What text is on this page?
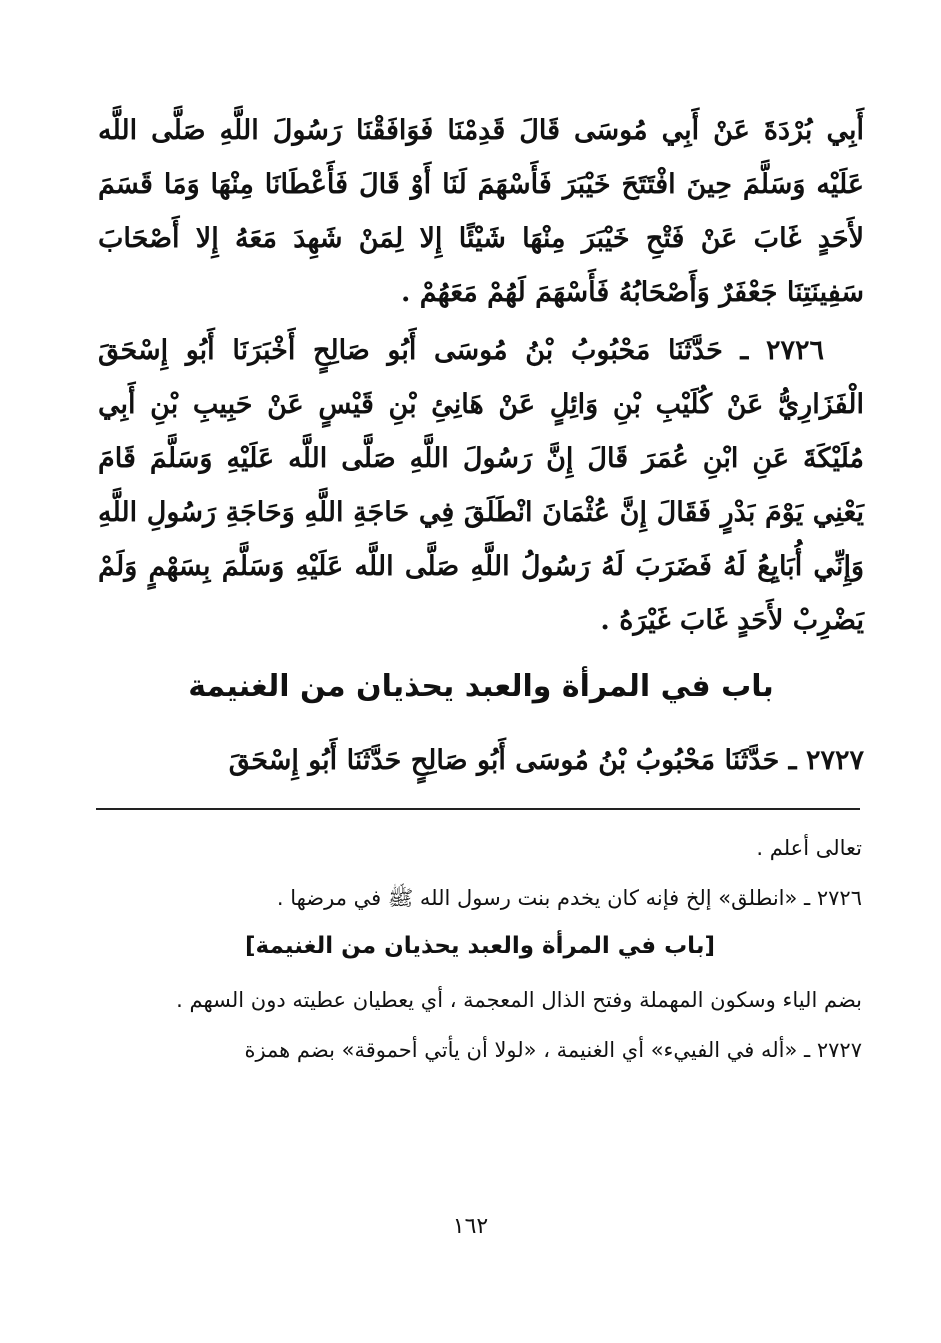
أَبِي بُرْدَةَ عَنْ أَبِي مُوسَى قَالَ قَدِمْنَا فَوَافَقْنَا رَسُولَ اللَّهِ صَلَّى اللَّه عَلَيْه وَسَلَّمَ حِينَ افْتَتَحَ خَيْبَرَ فَأَسْهَمَ لَنَا أَوْ قَالَ فَأَعْطَانَا مِنْهَا وَمَا قَسَمَ لأَحَدٍ غَابَ عَنْ فَتْحِ خَيْبَرَ مِنْهَا شَيْئًا إِلا لِمَنْ شَهِدَ مَعَهُ إِلا أَصْحَابَ سَفِينَتِنَا جَعْفَرٌ وَأَصْحَابُهُ فَأَسْهَمَ لَهُمْ مَعَهُمْ .

٢٧٢٦ ـ حَدَّثَنَا مَحْبُوبُ بْنُ مُوسَى أَبُو صَالِحٍ أَخْبَرَنَا أَبُو إِسْحَقَ الْفَزَارِيُّ عَنْ كُلَيْبِ بْنِ وَائِلٍ عَنْ هَانِئِ بْنِ قَيْسٍ عَنْ حَبِيبِ بْنِ أَبِي مُلَيْكَةَ عَنِ ابْنِ عُمَرَ قَالَ إِنَّ رَسُولَ اللَّهِ صَلَّى اللَّه عَلَيْهِ وَسَلَّمَ قَامَ يَعْنِي يَوْمَ بَدْرٍ فَقَالَ إِنَّ عُثْمَانَ انْطَلَقَ فِي حَاجَةِ اللَّهِ وَحَاجَةِ رَسُولِ اللَّهِ وَإِنِّي أُبَايِعُ لَهُ فَضَرَبَ لَهُ رَسُولُ اللَّهِ صَلَّى اللَّه عَلَيْهِ وَسَلَّمَ بِسَهْمٍ وَلَمْ يَضْرِبْ لأَحَدٍ غَابَ غَيْرَهُ .

باب في المرأة والعبد يحذيان من الغنيمة
٢٧٢٧ ـ حَدَّثَنَا مَحْبُوبُ بْنُ مُوسَى أَبُو صَالِحٍ حَدَّثَنَا أَبُو إِسْحَقَ

تعالى أعلم .

٢٧٢٦ ـ «انطلق» إلخ فإنه كان يخدم بنت رسول الله ﷺ في مرضها .

[باب في المرأة والعبد يحذيان من الغنيمة]

بضم الياء وسكون المهملة وفتح الذال المعجمة ، أي يعطيان عطيته دون السهم .

٢٧٢٧ ـ «أله في الفييء» أي الغنيمة ، «لولا أن يأتي أحموقة» بضم همزة

١٦٢
